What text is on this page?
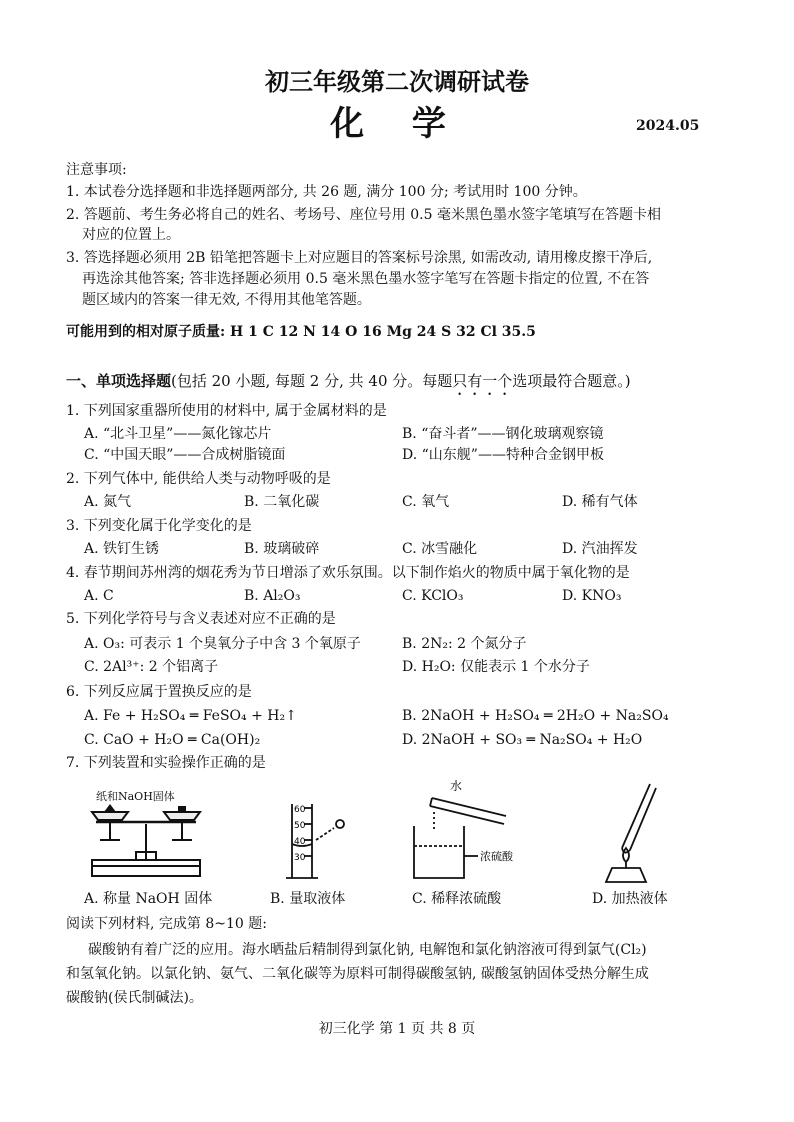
初三年级第二次调研试卷
化 学	2024.05
注意事项:
1. 本试卷分选择题和非选择题两部分, 共 26 题, 满分 100 分; 考试用时 100 分钟。
2. 答题前、考生务必将自己的姓名、考场号、座位号用 0.5 毫米黑色墨水签字笔填写在答题卡相
对应的位置上。
3. 答选择题必须用 2B 铅笔把答题卡上对应题目的答案标号涂黑, 如需改动, 请用橡皮擦干净后,
再选涂其他答案; 答非选择题必须用 0.5 毫米黑色墨水签字笔写在答题卡指定的位置, 不在答
题区域内的答案一律无效, 不得用其他笔答题。
可能用到的相对原子质量: H 1 C 12 N 14 O 16 Mg 24 S 32 Cl 35.5
一、单项选择题(包括 20 小题, 每题 2 分, 共 40 分。每题只有一个选项最符合题意。)
1. 下列国家重器所使用的材料中, 属于金属材料的是
A. “北斗卫星”——氮化镓芯片	B. “奋斗者”——钢化玻璃观察镜
C. “中国天眼”——合成树脂镜面	D. “山东舰”——特种合金钢甲板
2. 下列气体中, 能供给人类与动物呼吸的是
A. 氮气	B. 二氧化碳	C. 氧气	D. 稀有气体
3. 下列变化属于化学变化的是
A. 铁钉生锈	B. 玻璃破碎	C. 冰雪融化	D. 汽油挥发
4. 春节期间苏州湾的烟花秀为节日增添了欢乐氛围。以下制作焰火的物质中属于氧化物的是
A. C	B. Al₂O₃	C. KClO₃	D. KNO₃
5. 下列化学符号与含义表述对应不正确的是
A. O₃: 可表示 1 个臭氧分子中含 3 个氧原子	B. 2N₂: 2 个氮分子
C. 2Al³⁺: 2 个铝离子	D. H₂O: 仅能表示 1 个水分子
6. 下列反应属于置换反应的是
A. Fe + H₂SO₄ ═ FeSO₄ + H₂↑	B. 2NaOH + H₂SO₄ ═ 2H₂O + Na₂SO₄
C. CaO + H₂O ═ Ca(OH)₂	D. 2NaOH + SO₃ ═ Na₂SO₄ + H₂O
7. 下列装置和实验操作正确的是
纸和NaOH固体
60
50
40
30
水
浓硫酸
A. 称量 NaOH 固体	B. 量取液体	C. 稀释浓硫酸	D. 加热液体
阅读下列材料, 完成第 8~10 题:
碳酸钠有着广泛的应用。海水晒盐后精制得到氯化钠, 电解饱和氯化钠溶液可得到氯气(Cl₂)
和氢氧化钠。以氯化钠、氨气、二氧化碳等为原料可制得碳酸氢钠, 碳酸氢钠固体受热分解生成
碳酸钠(侯氏制碱法)。
初三化学 第 1 页 共 8 页
